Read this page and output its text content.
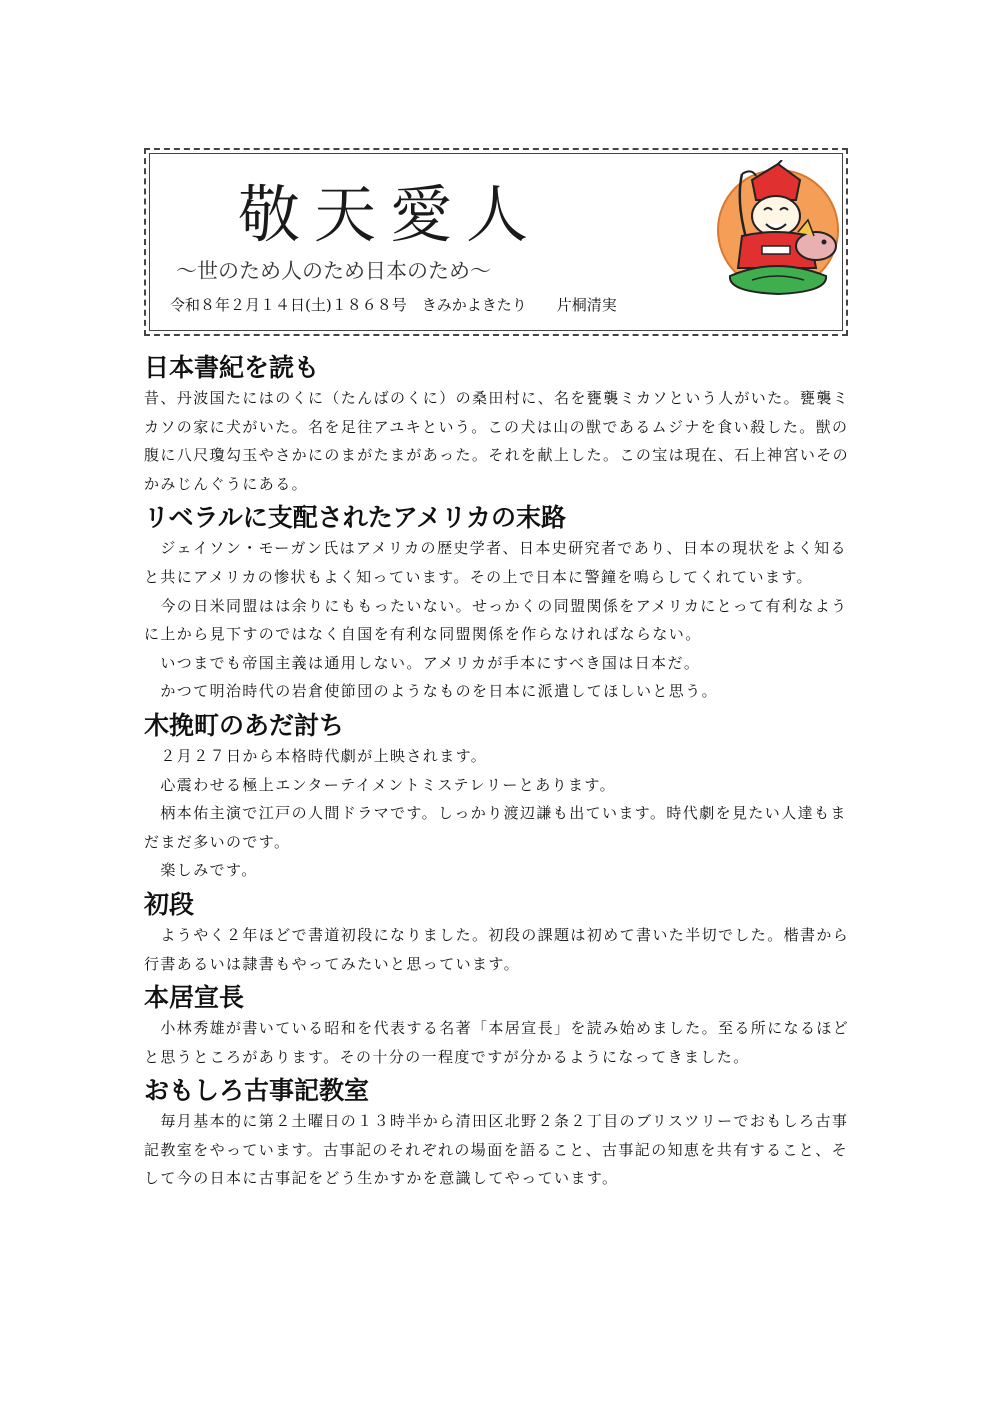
敬天愛人
～世のため人のため日本のため～
令和８年２月１４日(土)１８６８号　きみかよきたり　　片桐清実
日本書紀を読も

昔、丹波国たにはのくに（たんばのくに）の桑田村に、名を甕襲ミカソという人がいた。甕襲ミカソの家に犬がいた。名を足往アユキという。この犬は山の獣であるムジナを食い殺した。獣の腹に八尺瓊勾玉やさかにのまがたまがあった。それを献上した。この宝は現在、石上神宮いそのかみじんぐうにある。

リベラルに支配されたアメリカの末路

　ジェイソン・モーガン氏はアメリカの歴史学者、日本史研究者であり、日本の現状をよく知ると共にアメリカの惨状もよく知っています。その上で日本に警鐘を鳴らしてくれています。

　今の日米同盟はは余りにももったいない。せっかくの同盟関係をアメリカにとって有利なように上から見下すのではなく自国を有利な同盟関係を作らなければならない。

　いつまでも帝国主義は通用しない。アメリカが手本にすべき国は日本だ。

　かつて明治時代の岩倉使節団のようなものを日本に派遣してほしいと思う。

木挽町のあだ討ち

　２月２７日から本格時代劇が上映されます。

　心震わせる極上エンターテイメントミステレリーとあります。

　柄本佑主演で江戸の人間ドラマです。しっかり渡辺謙も出ています。時代劇を見たい人達もまだまだ多いのです。

　楽しみです。

初段

　ようやく２年ほどで書道初段になりました。初段の課題は初めて書いた半切でした。楷書から行書あるいは隷書もやってみたいと思っています。

本居宣長

　小林秀雄が書いている昭和を代表する名著「本居宣長」を読み始めました。至る所になるほどと思うところがあります。その十分の一程度ですが分かるようになってきました。

おもしろ古事記教室

　毎月基本的に第２土曜日の１３時半から清田区北野２条２丁目のブリスツリーでおもしろ古事記教室をやっています。古事記のそれぞれの場面を語ること、古事記の知恵を共有すること、そして今の日本に古事記をどう生かすかを意識してやっています。
